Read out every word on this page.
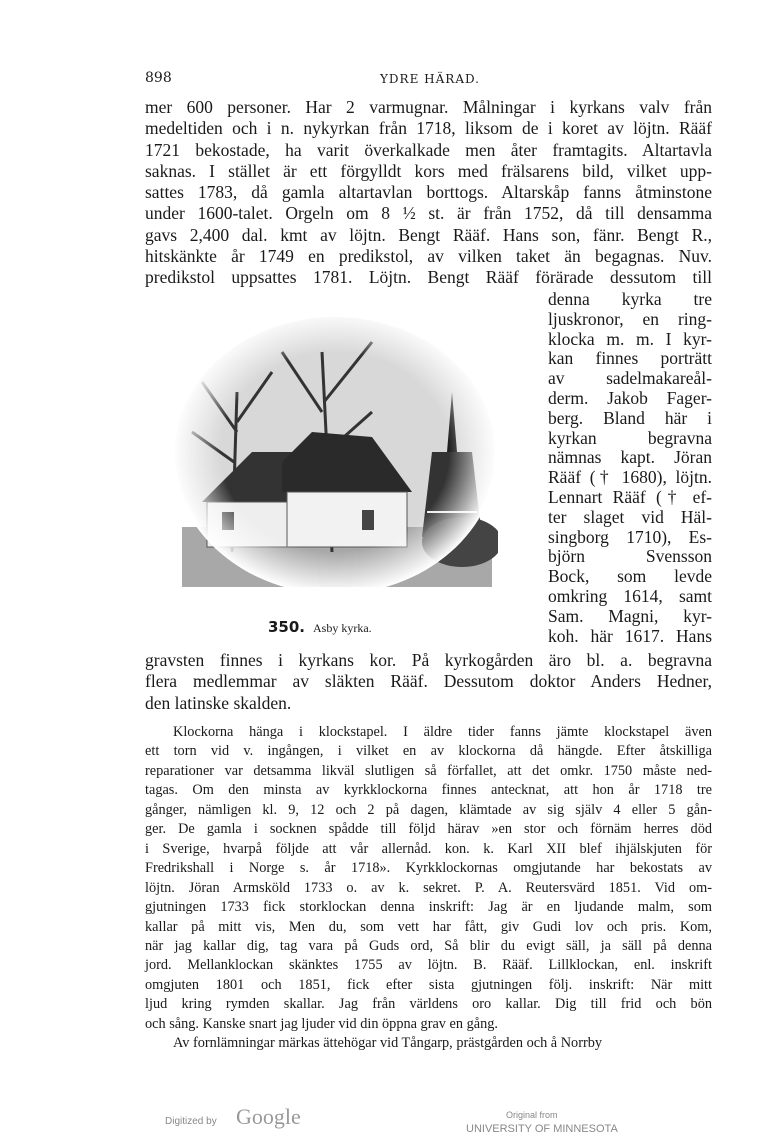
898	YDRE HÄRAD.
mer 600 personer. Har 2 varmugnar. Målningar i kyrkans valv från
medeltiden och i n. nykyrkan från 1718, liksom de i koret av löjtn. Rääf
1721 bekostade, ha varit överkalkade men åter framtagits. Altartavla
saknas. I stället är ett förgylldt kors med frälsarens bild, vilket upp-
sattes 1783, då gamla altartavlan borttogs. Altarskåp fanns åtminstone
under 1600-talet. Orgeln om 8 ½ st. är från 1752, då till densamma
gavs 2,400 dal. kmt av löjtn. Bengt Rääf. Hans son, fänr. Bengt R.,
hitskänkte år 1749 en predikstol, av vilken taket än begagnas. Nuv.
predikstol uppsattes 1781. Löjtn. Bengt Rääf förärade dessutom till
denna kyrka tre
ljuskronor, en ring-
klocka m. m. I kyr-
kan finnes porträtt
av sadelmakareål-
derm. Jakob Fager-
berg. Bland här i
kyrkan begravna
nämnas kapt. Jöran
Rääf († 1680), löjtn.
Lennart Rääf († ef-
ter slaget vid Häl-
singborg 1710), Es-
björn Svensson
Bock, som levde
omkring 1614, samt
Sam. Magni, kyr-
koh. här 1617. Hans
350. Asby kyrka.
gravsten finnes i kyrkans kor. På kyrkogården äro bl. a. begravna
flera medlemmar av släkten Rääf. Dessutom doktor Anders Hedner,
den latinske skalden.
Klockorna hänga i klockstapel. I äldre tider fanns jämte klockstapel även
ett torn vid v. ingången, i vilket en av klockorna då hängde. Efter åtskilliga
reparationer var detsamma likväl slutligen så förfallet, att det omkr. 1750 måste ned-
tagas. Om den minsta av kyrkklockorna finnes antecknat, att hon år 1718 tre
gånger, nämligen kl. 9, 12 och 2 på dagen, klämtade av sig själv 4 eller 5 gån-
ger. De gamla i socknen spådde till följd härav »en stor och förnäm herres död
i Sverige, hvarpå följde att vår allernåd. kon. k. Karl XII blef ihjälskjuten för
Fredrikshall i Norge s. år 1718». Kyrkklockornas omgjutande har bekostats av
löjtn. Jöran Armsköld 1733 o. av k. sekret. P. A. Reutersvärd 1851. Vid om-
gjutningen 1733 fick storklockan denna inskrift: Jag är en ljudande malm, som
kallar på mitt vis, Men du, som vett har fått, giv Gudi lov och pris. Kom,
när jag kallar dig, tag vara på Guds ord, Så blir du evigt säll, ja säll på denna
jord. Mellanklockan skänktes 1755 av löjtn. B. Rääf. Lillklockan, enl. inskrift
omgjuten 1801 och 1851, fick efter sista gjutningen följ. inskrift: När mitt
ljud kring rymden skallar. Jag från världens oro kallar. Dig till frid och bön
och sång. Kanske snart jag ljuder vid din öppna grav en gång.
Av fornlämningar märkas ättehögar vid Tångarp, prästgården och å Norrby
Digitized by Google	Original from
UNIVERSITY OF MINNESOTA
